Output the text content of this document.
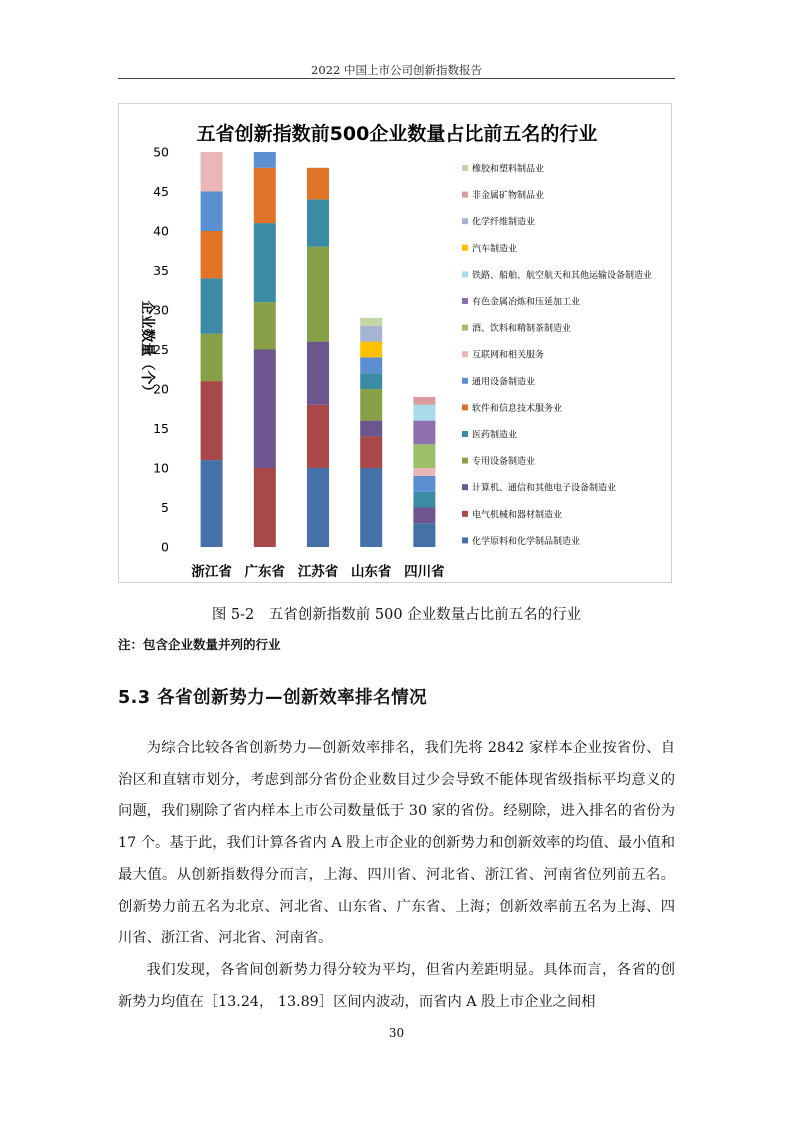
2022 中国上市公司创新指数报告
五省创新指数前500企业数量占比前五名的行业
企业数量（个）
0
5
10
15
20
25
30
35
40
45
50
浙江省 广东省 江苏省 山东省 四川省
橡胶和塑料制品业
非金属矿物制品业
化学纤维制造业
汽车制造业
铁路、船舶、航空航天和其他运输设备制造业
有色金属冶炼和压延加工业
酒、饮料和精制茶制造业
互联网和相关服务
通用设备制造业
软件和信息技术服务业
医药制造业
专用设备制造业
计算机、通信和其他电子设备制造业
电气机械和器材制造业
化学原料和化学制品制造业
图 5-2　五省创新指数前 500 企业数量占比前五名的行业
注：包含企业数量并列的行业
5.3 各省创新势力—创新效率排名情况

为综合比较各省创新势力—创新效率排名，我们先将 2842 家样本企业按省份、自治区和直辖市划分，考虑到部分省份企业数目过少会导致不能体现省级指标平均意义的问题，我们剔除了省内样本上市公司数量低于 30 家的省份。经剔除，进入排名的省份为 17 个。基于此，我们计算各省内 A 股上市企业的创新势力和创新效率的均值、最小值和最大值。从创新指数得分而言，上海、四川省、河北省、浙江省、河南省位列前五名。创新势力前五名为北京、河北省、山东省、广东省、上海；创新效率前五名为上海、四川省、浙江省、河北省、河南省。

我们发现，各省间创新势力得分较为平均，但省内差距明显。具体而言，各省的创新势力均值在［13.24， 13.89］区间内波动，而省内 A 股上市企业之间相

30
